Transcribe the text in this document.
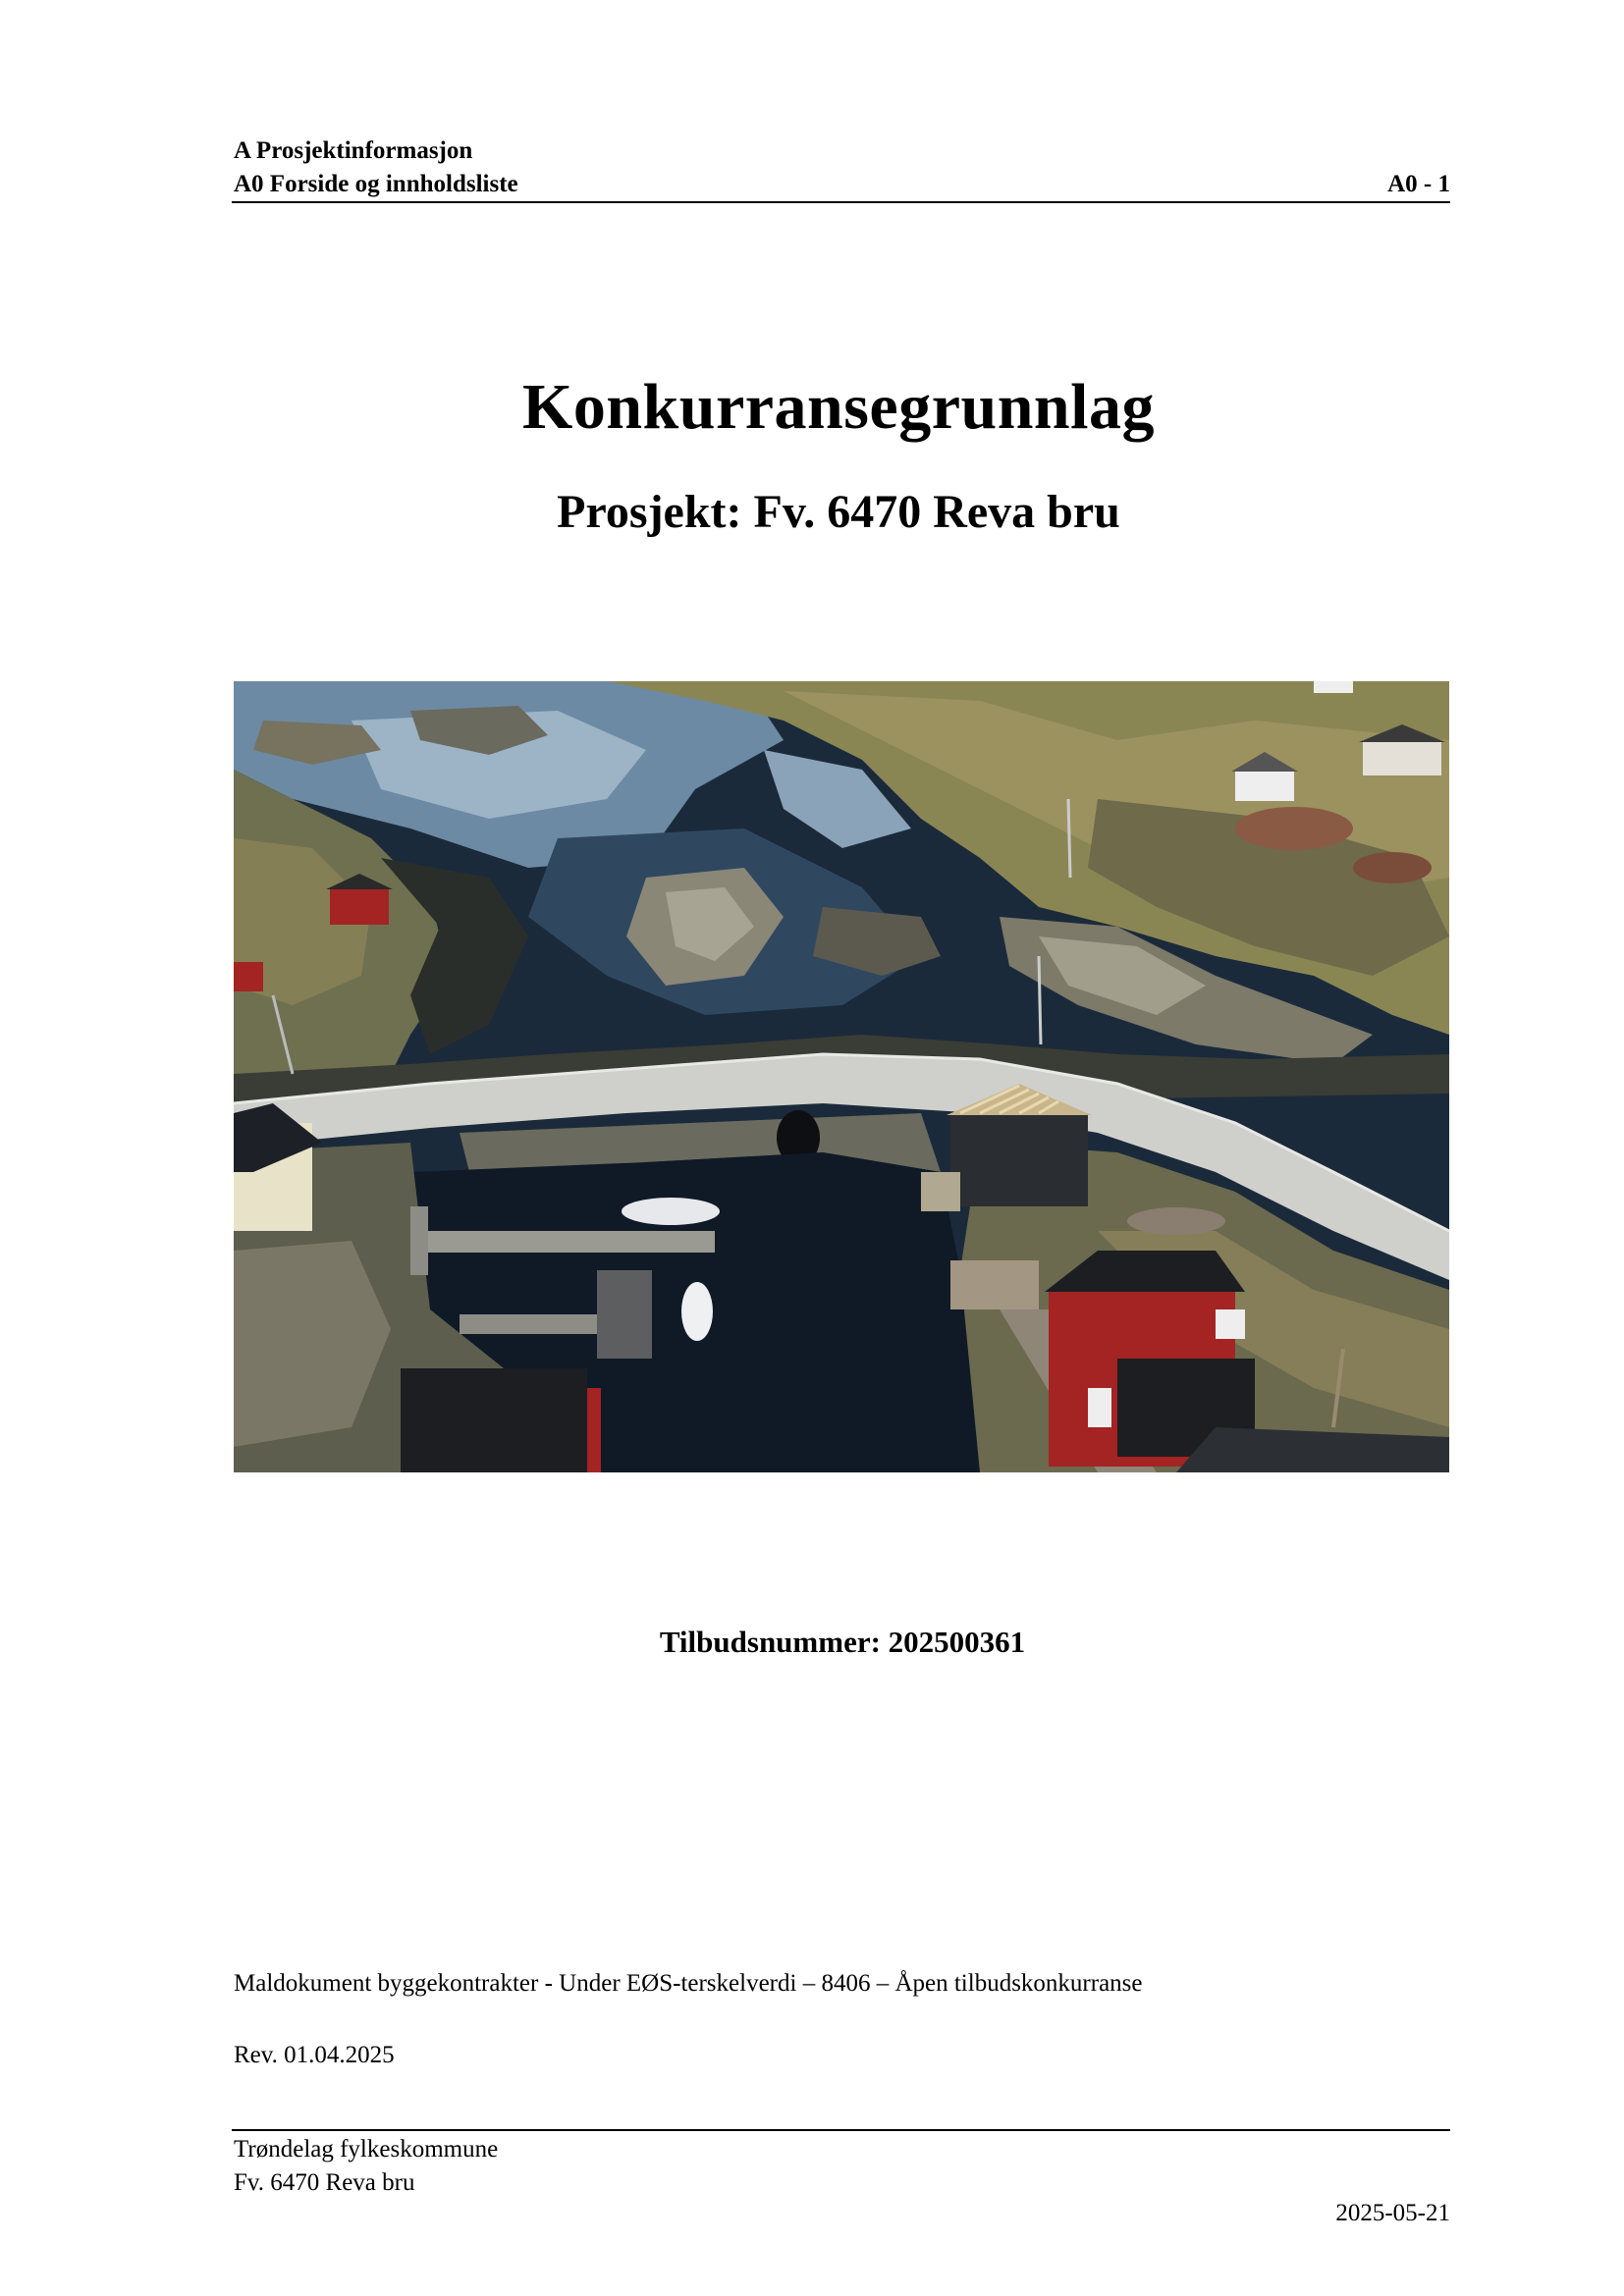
A Prosjektinformasjon
A0 Forside og innholdsliste	A0 - 1
Konkurransegrunnlag
Prosjekt: Fv. 6470 Reva bru
Tilbudsnummer: 202500361
Maldokument byggekontrakter - Under EØS-terskelverdi – 8406 – Åpen tilbudskonkurranse
Rev. 01.04.2025
Trøndelag fylkeskommune
Fv. 6470 Reva bru
2025-05-21
